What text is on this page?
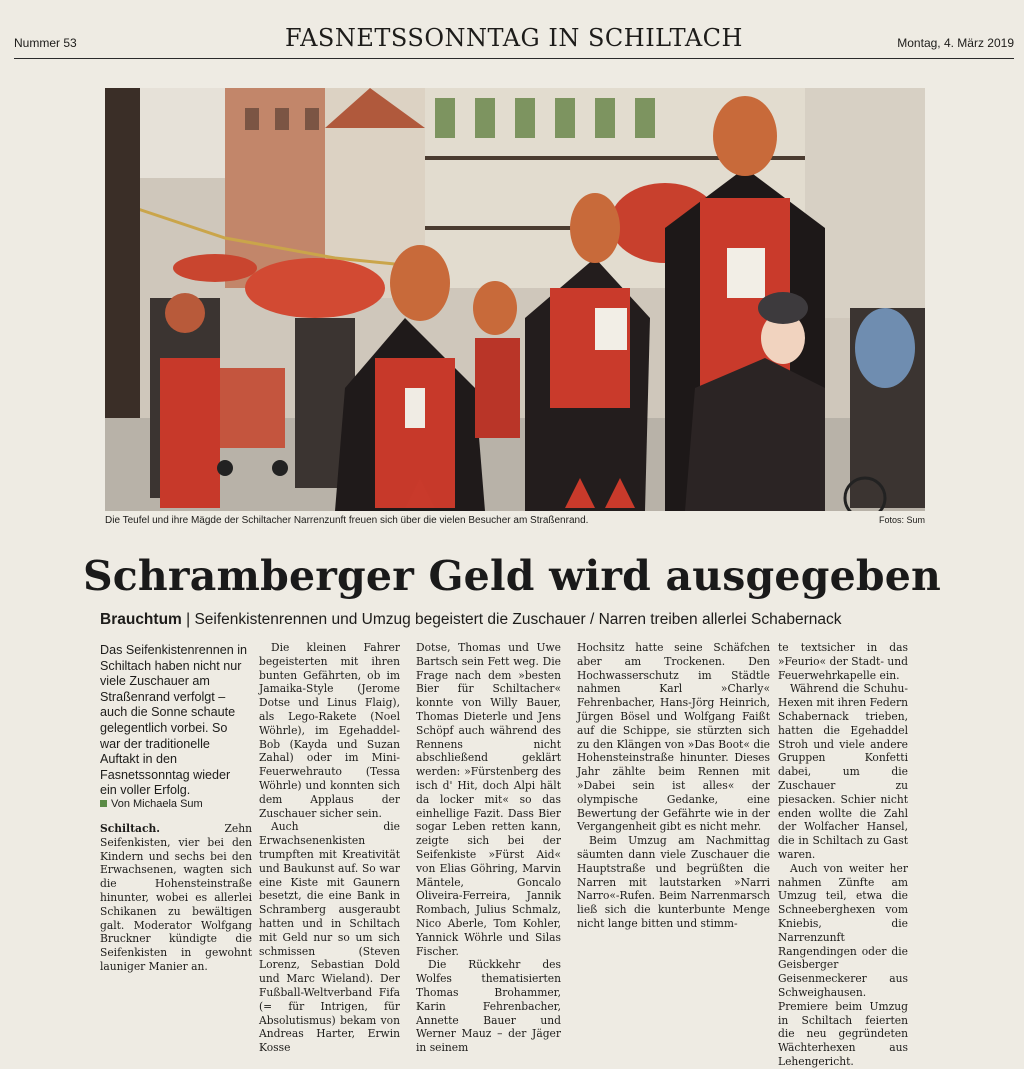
Nummer 53	FASNETSSONNTAG IN SCHILTACH	Montag, 4. März 2019
Die Teufel und ihre Mägde der Schiltacher Narrenzunft freuen sich über die vielen Besucher am Straßenrand.	Fotos: Sum
Schramberger Geld wird ausgegeben
Brauchtum | Seifenkistenrennen und Umzug begeistert die Zuschauer / Narren treiben allerlei Schabernack

Das Seifenkistenrennen in Schiltach haben nicht nur viele Zuschauer am Straßenrand verfolgt – auch die Sonne schaute gelegentlich vorbei. So war der traditionelle Auftakt in den Fasnetssonntag wieder ein voller Erfolg.

Von Michaela Sum

Schiltach.	Zehn Seifenkisten, vier bei den Kindern und sechs bei den Erwachsenen, wagten sich die Hohensteinstraße hinunter, wobei es allerlei Schikanen zu bewältigen galt. Moderator Wolfgang Bruckner kündigte die Seifenkisten in gewohnt launiger Manier an.

Die kleinen Fahrer begeisterten mit ihren bunten Gefährten, ob im Jamaika-Style (Jerome Dotse und Linus Flaig), als Lego-Rakete (Noel Wöhrle), im Egehaddel-Bob (Kayda und Suzan Zahal) oder im Mini-Feuerwehrauto (Tessa Wöhrle) und konnten sich dem Applaus der Zuschauer sicher sein.

Auch die Erwachsenenkisten trumpften mit Kreativität und Baukunst auf. So war eine Kiste mit Gaunern besetzt, die eine Bank in Schramberg ausgeraubt hatten und in Schiltach mit Geld nur so um sich schmissen (Steven Lorenz, Sebastian Dold und Marc Wieland). Der Fußball-Weltverband Fifa (= für Intrigen, für Absolutismus) bekam von Andreas Harter, Erwin Kosse

Dotse, Thomas und Uwe Bartsch sein Fett weg. Die Frage nach dem »besten Bier für Schiltacher« konnte von Willy Bauer, Thomas Dieterle und Jens Schöpf auch während des Rennens nicht abschließend geklärt werden: »Fürstenberg des isch d' Hit, doch Alpi hält da locker mit« so das einhellige Fazit. Dass Bier sogar Leben retten kann, zeigte sich bei der Seifenkiste »Fürst Aid« von Elias Göhring, Marvin Mäntele, Goncalo Oliveira-Ferreira, Jannik Rombach, Julius Schmalz, Nico Aberle, Tom Kohler, Yannick Wöhrle und Silas Fischer.

Die Rückkehr des Wolfes thematisierten Thomas Brohammer, Karin Fehrenbacher, Annette Bauer und Werner Mauz – der Jäger in seinem

Hochsitz hatte seine Schäfchen aber am Trockenen. Den Hochwasserschutz im Städtle nahmen Karl »Charly« Fehrenbacher, Hans-Jörg Heinrich, Jürgen Bösel und Wolfgang Faißt auf die Schippe, sie stürzten sich zu den Klängen von »Das Boot« die Hohensteinstraße hinunter. Dieses Jahr zählte beim Rennen mit »Dabei sein ist alles« der olympische Gedanke, eine Bewertung der Gefährte wie in der Vergangenheit gibt es nicht mehr.

Beim Umzug am Nachmittag säumten dann viele Zuschauer die Hauptstraße und begrüßten die Narren mit lautstarken »Narri Narro«-Rufen. Beim Narrenmarsch ließ sich die kunterbunte Menge nicht lange bitten und stimm-

te textsicher in das »Feurio« der Stadt- und Feuerwehrkapelle ein.

Während die Schuhu-Hexen mit ihren Federn Schabernack trieben, hatten die Egehaddel Stroh und viele andere Gruppen Konfetti dabei, um die Zuschauer zu piesacken. Schier nicht enden wollte die Zahl der Wolfacher Hansel, die in Schiltach zu Gast waren.

Auch von weiter her nahmen Zünfte am Umzug teil, etwa die Schneeberghexen vom Kniebis, die Narrenzunft Rangendingen oder die Geisberger Geisenmeckerer aus Schweighausen. Premiere beim Umzug in Schiltach feierten die neu gegründeten Wächterhexen aus Lehengericht.
